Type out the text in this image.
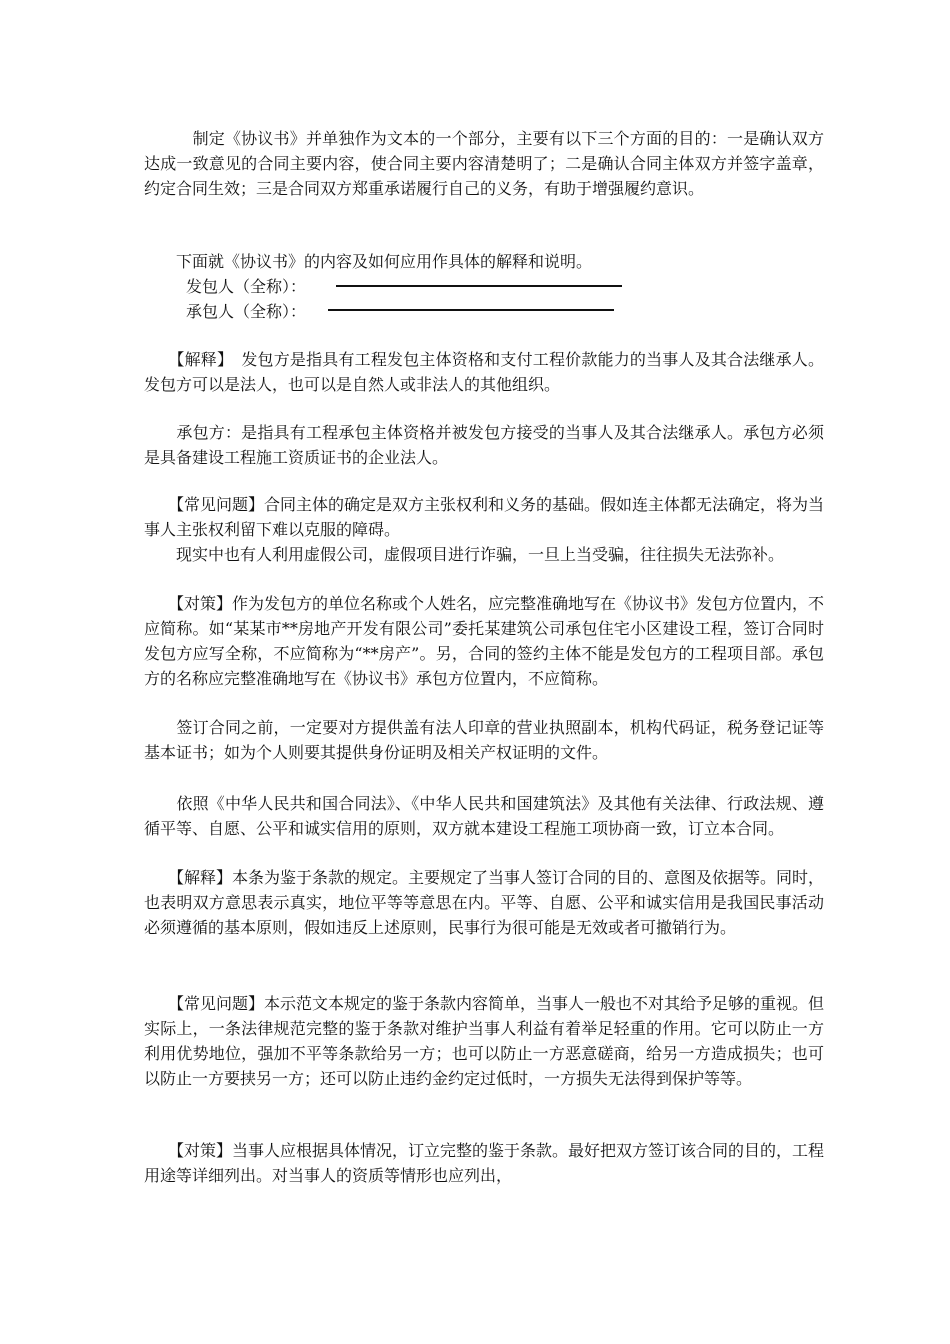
　　　制定《协议书》并单独作为文本的一个部分，主要有以下三个方面的目的：一是确认双方达成一致意见的合同主要内容，使合同主要内容清楚明了；二是确认合同主体双方并签字盖章，约定合同生效；三是合同双方郑重承诺履行自己的义务，有助于增强履约意识。

　　下面就《协议书》的内容及如何应用作具体的解释和说明。

发包人（全称）：
承包人（全称）：

　　【解释】　发包方是指具有工程发包主体资格和支付工程价款能力的当事人及其合法继承人。发包方可以是法人，也可以是自然人或非法人的其他组织。

　　承包方：是指具有工程承包主体资格并被发包方接受的当事人及其合法继承人。承包方必须是具备建设工程施工资质证书的企业法人。

　　【常见问题】合同主体的确定是双方主张权利和义务的基础。假如连主体都无法确定，将为当事人主张权利留下难以克服的障碍。

　　现实中也有人利用虚假公司，虚假项目进行诈骗，一旦上当受骗，往往损失无法弥补。

　　【对策】作为发包方的单位名称或个人姓名，应完整准确地写在《协议书》发包方位置内，不应简称。如“某某市**房地产开发有限公司”委托某建筑公司承包住宅小区建设工程，签订合同时发包方应写全称，不应简称为“**房产”。另，合同的签约主体不能是发包方的工程项目部。承包方的名称应完整准确地写在《协议书》承包方位置内，不应简称。

　　签订合同之前，一定要对方提供盖有法人印章的营业执照副本，机构代码证，税务登记证等基本证书；如为个人则要其提供身份证明及相关产权证明的文件。

　　依照《中华人民共和国合同法》、《中华人民共和国建筑法》及其他有关法律、行政法规、遵循平等、自愿、公平和诚实信用的原则，双方就本建设工程施工项协商一致，订立本合同。

　　【解释】本条为鉴于条款的规定。主要规定了当事人签订合同的目的、意图及依据等。同时，也表明双方意思表示真实，地位平等等意思在内。平等、自愿、公平和诚实信用是我国民事活动必须遵循的基本原则，假如违反上述原则，民事行为很可能是无效或者可撤销行为。

　　【常见问题】本示范文本规定的鉴于条款内容简单，当事人一般也不对其给予足够的重视。但实际上，一条法律规范完整的鉴于条款对维护当事人利益有着举足轻重的作用。它可以防止一方利用优势地位，强加不平等条款给另一方；也可以防止一方恶意磋商，给另一方造成损失；也可以防止一方要挟另一方；还可以防止违约金约定过低时，一方损失无法得到保护等等。

　　【对策】当事人应根据具体情况，订立完整的鉴于条款。最好把双方签订该合同的目的，工程用途等详细列出。对当事人的资质等情形也应列出，
